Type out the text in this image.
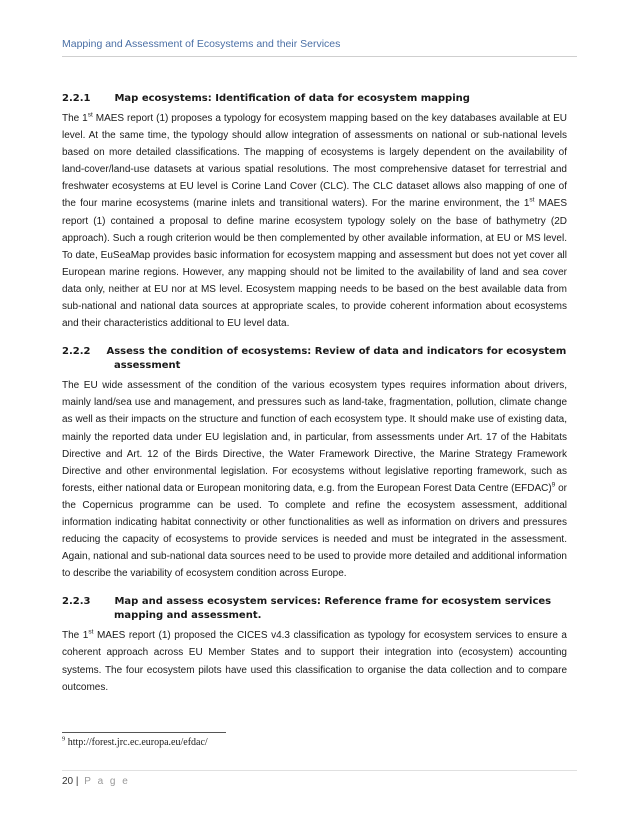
Mapping and Assessment of Ecosystems and their Services
2.2.1	Map ecosystems: Identification of data for ecosystem mapping

The 1st MAES report (1) proposes a typology for ecosystem mapping based on the key databases available at EU level. At the same time, the typology should allow integration of assessments on national or sub-national levels based on more detailed classifications. The mapping of ecosystems is largely dependent on the availability of land-cover/land-use datasets at various spatial resolutions. The most comprehensive dataset for terrestrial and freshwater ecosystems at EU level is Corine Land Cover (CLC). The CLC dataset allows also mapping of one of the four marine ecosystems (marine inlets and transitional waters). For the marine environment, the 1st MAES report (1) contained a proposal to define marine ecosystem typology solely on the base of bathymetry (2D approach). Such a rough criterion would be then complemented by other available information, at EU or MS level. To date, EuSeaMap provides basic information for ecosystem mapping and assessment but does not yet cover all European marine regions. However, any mapping should not be limited to the availability of land and sea cover data only, neither at EU nor at MS level. Ecosystem mapping needs to be based on the best available data from sub-national and national data sources at appropriate scales, to provide coherent information about ecosystems and their characteristics additional to EU level data.

2.2.2	Assess the condition of ecosystems: Review of data and indicators for ecosystem
assessment

The EU wide assessment of the condition of the various ecosystem types requires information about drivers, mainly land/sea use and management, and pressures such as land-take, fragmentation, pollution, climate change as well as their impacts on the structure and function of each ecosystem type. It should make use of existing data, mainly the reported data under EU legislation and, in particular, from assessments under Art. 17 of the Habitats Directive and Art. 12 of the Birds Directive, the Water Framework Directive, the Marine Strategy Framework Directive and other environmental legislation. For ecosystems without legislative reporting framework, such as forests, either national data or European monitoring data, e.g. from the European Forest Data Centre (EFDAC)$^9$ or the Copernicus programme can be used. To complete and refine the ecosystem assessment, additional information indicating habitat connectivity or other functionalities as well as information on drivers and pressures reducing the capacity of ecosystems to provide services is needed and must be integrated in the assessment. Again, national and sub-national data sources need to be used to provide more detailed and additional information to describe the variability of ecosystem condition across Europe.

2.2.3	Map and assess ecosystem services: Reference frame for ecosystem services
mapping and assessment.

The 1st MAES report (1) proposed the CICES v4.3 classification as typology for ecosystem services to ensure a coherent approach across EU Member States and to support their integration into (ecosystem) accounting systems. The four ecosystem pilots have used this classification to organise the data collection and to compare outcomes.

$^9$ http://forest.jrc.ec.europa.eu/efdac/
20 | P a g e
